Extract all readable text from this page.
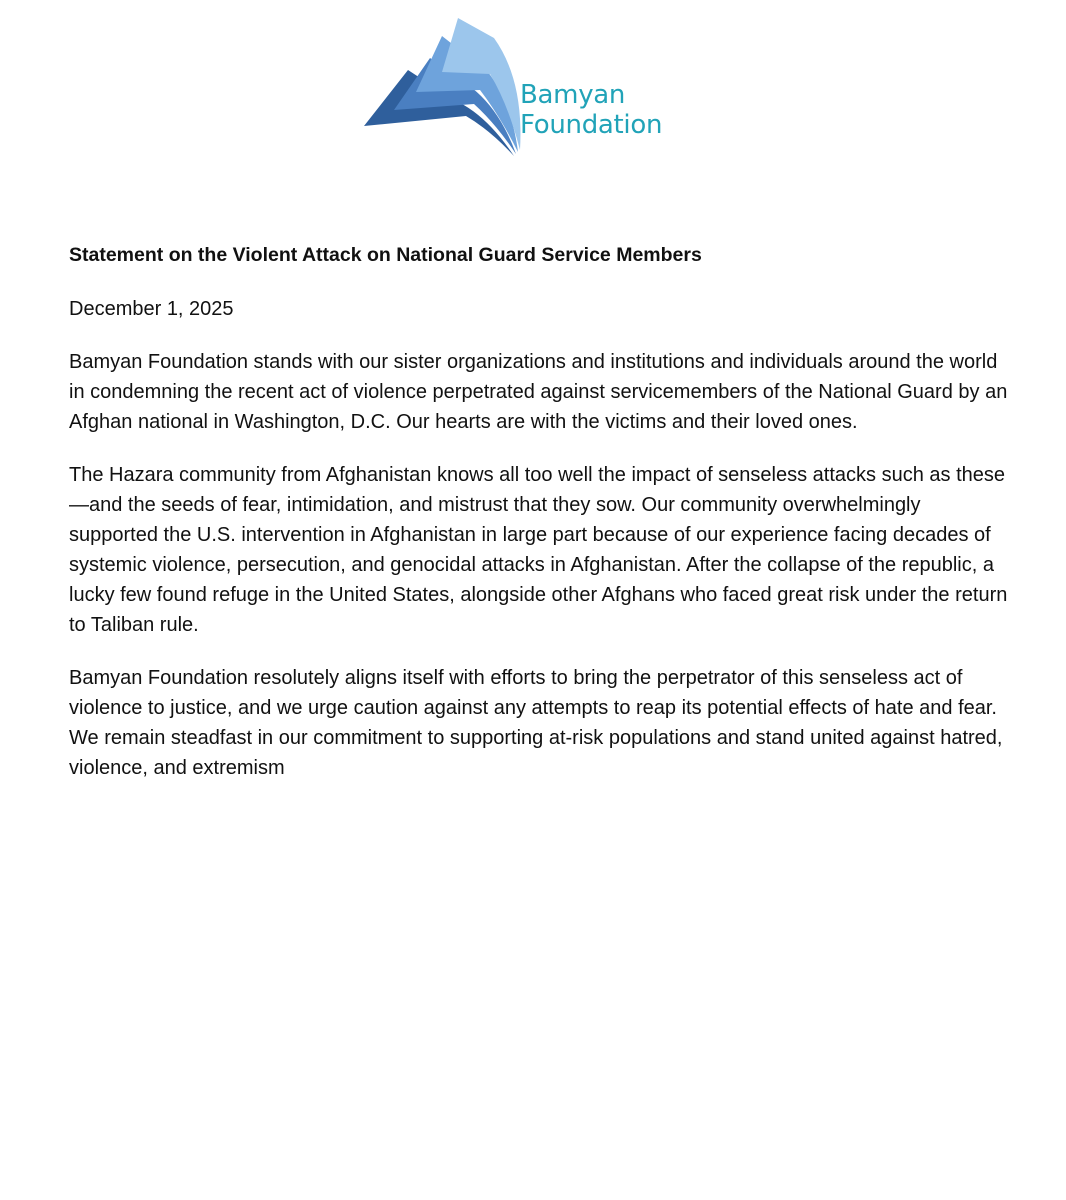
Bamyan
Foundation

Statement on the Violent Attack on National Guard Service Members

December 1, 2025

Bamyan Foundation stands with our sister organizations and institutions and individuals around the world in condemning the recent act of violence perpetrated against servicemembers of the National Guard by an Afghan national in Washington, D.C. Our hearts are with the victims and their loved ones.

The Hazara community from Afghanistan knows all too well the impact of senseless attacks such as these—and the seeds of fear, intimidation, and mistrust that they sow. Our community overwhelmingly supported the U.S. intervention in Afghanistan in large part because of our experience facing decades of systemic violence, persecution, and genocidal attacks in Afghanistan. After the collapse of the republic, a lucky few found refuge in the United States, alongside other Afghans who faced great risk under the return to Taliban rule.

Bamyan Foundation resolutely aligns itself with efforts to bring the perpetrator of this senseless act of violence to justice, and we urge caution against any attempts to reap its potential effects of hate and fear. We remain steadfast in our commitment to supporting at-risk populations and stand united against hatred, violence, and extremism
